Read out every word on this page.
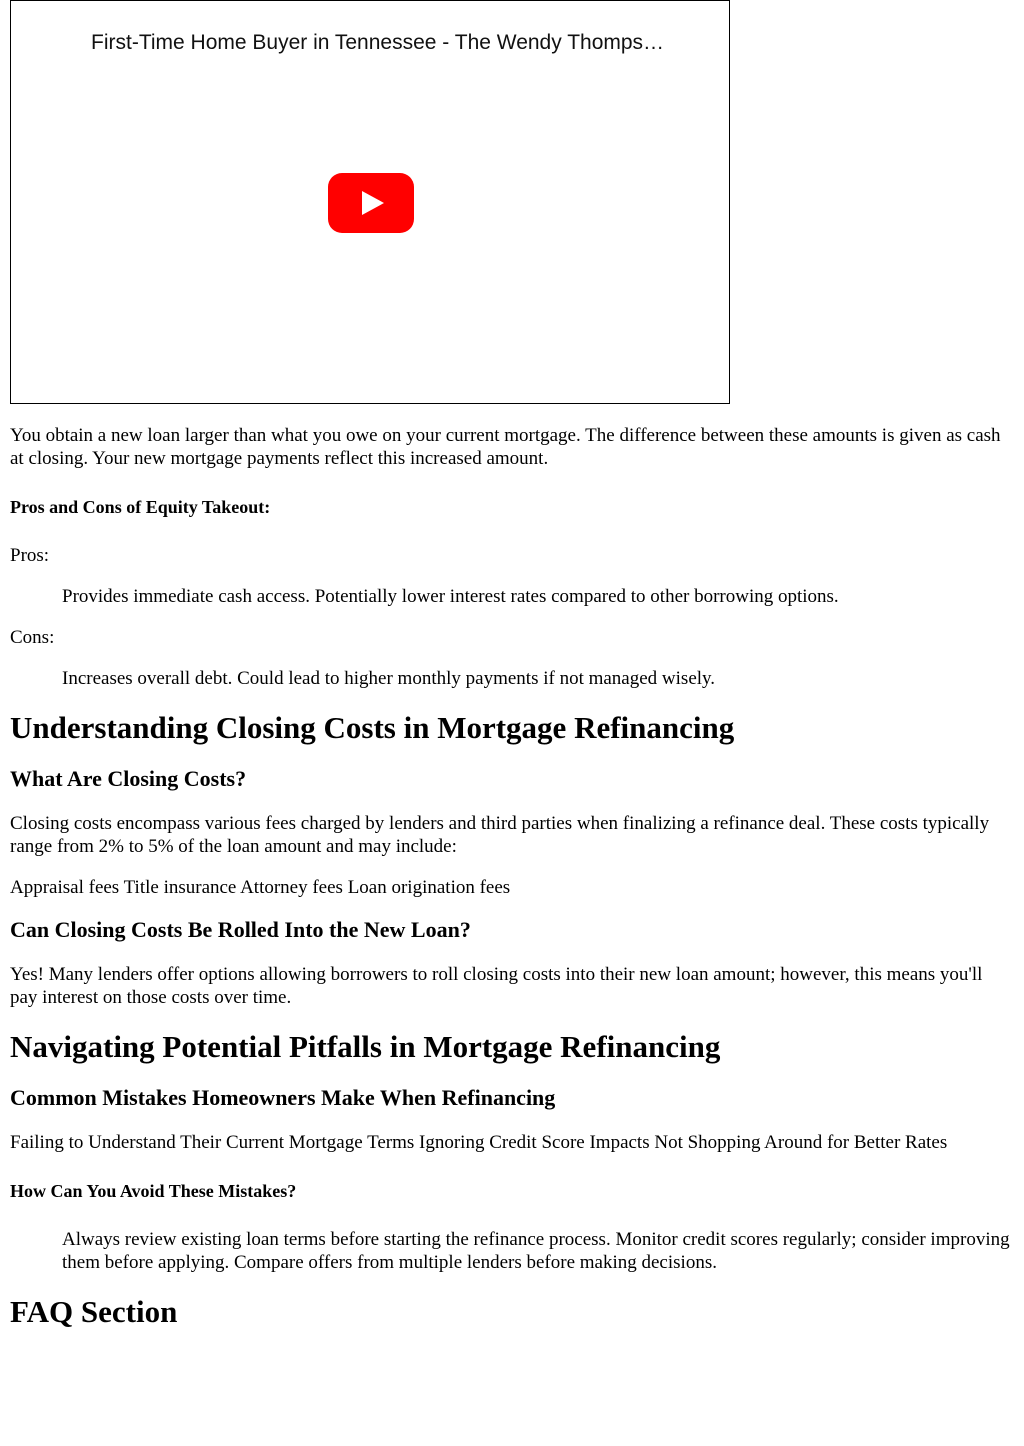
First-Time Home Buyer in Tennessee - The Wendy Thomps…

You obtain a new loan larger than what you owe on your current mortgage. The difference between these amounts is given as cash at closing. Your new mortgage payments reflect this increased amount.

Pros and Cons of Equity Takeout:

Pros:

Provides immediate cash access. Potentially lower interest rates compared to other borrowing options.

Cons:

Increases overall debt. Could lead to higher monthly payments if not managed wisely.

Understanding Closing Costs in Mortgage Refinancing
What Are Closing Costs?

Closing costs encompass various fees charged by lenders and third parties when finalizing a refinance deal. These costs typically range from 2% to 5% of the loan amount and may include:

Appraisal fees Title insurance Attorney fees Loan origination fees

Can Closing Costs Be Rolled Into the New Loan?

Yes! Many lenders offer options allowing borrowers to roll closing costs into their new loan amount; however, this means you'll pay interest on those costs over time.

Navigating Potential Pitfalls in Mortgage Refinancing
Common Mistakes Homeowners Make When Refinancing

Failing to Understand Their Current Mortgage Terms Ignoring Credit Score Impacts Not Shopping Around for Better Rates

How Can You Avoid These Mistakes?

Always review existing loan terms before starting the refinance process. Monitor credit scores regularly; consider improving them before applying. Compare offers from multiple lenders before making decisions.

FAQ Section
